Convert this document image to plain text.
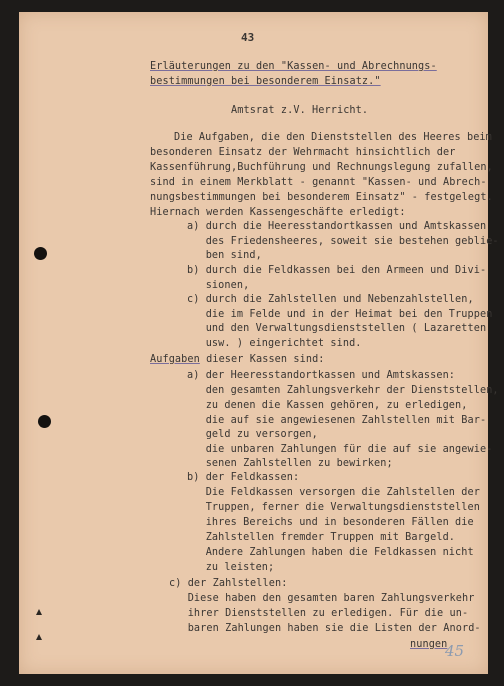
43
Erläuterungen zu den "Kassen- und Abrechnungs-
bestimmungen bei besonderem Einsatz."
Amtsrat z.V. Herricht.
Die Aufgaben, die den Dienststellen des Heeres beim
besonderen Einsatz der Wehrmacht hinsichtlich der
Kassenführung,Buchführung und Rechnungslegung zufallen,
sind in einem Merkblatt - genannt "Kassen- und Abrech-
nungsbestimmungen bei besonderem Einsatz" - festgelegt.
Hiernach werden Kassengeschäfte erledigt:
a) durch die Heeresstandortkassen und Amtskassen
des Friedensheeres, soweit sie bestehen geblie-
ben sind,
b) durch die Feldkassen bei den Armeen und Divi-
sionen,
c) durch die Zahlstellen und Nebenzahlstellen,
die im Felde und in der Heimat bei den Truppen
und den Verwaltungsdienststellen ( Lazaretten
usw. ) eingerichtet sind.
Aufgaben dieser Kassen sind:
a) der Heeresstandortkassen und Amtskassen:
den gesamten Zahlungsverkehr der Dienststellen,
zu denen die Kassen gehören, zu erledigen,
die auf sie angewiesenen Zahlstellen mit Bar-
geld zu versorgen,
die unbaren Zahlungen für die auf sie angewie-
senen Zahlstellen zu bewirken;
b) der Feldkassen:
Die Feldkassen versorgen die Zahlstellen der
Truppen, ferner die Verwaltungsdienststellen
ihres Bereichs und in besonderen Fällen die
Zahlstellen fremder Truppen mit Bargeld.
Andere Zahlungen haben die Feldkassen nicht
zu leisten;
c) der Zahlstellen:
Diese haben den gesamten baren Zahlungsverkehr
ihrer Dienststellen zu erledigen. Für die un-
baren Zahlungen haben sie die Listen der Anord-
nungen
45
